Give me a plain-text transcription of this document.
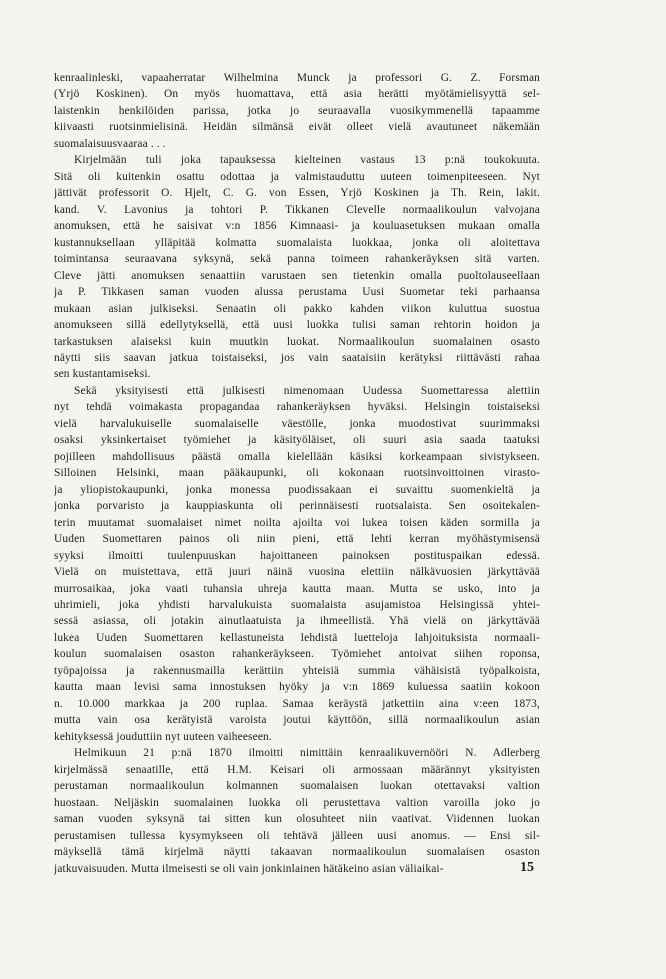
kenraalinleski, vapaaherratar Wilhelmina Munck ja professori G. Z. Forsman
(Yrjö Koskinen). On myös huomattava, että asia herätti myötämielisyyttä sel-
laistenkin henkilöiden parissa, jotka jo seuraavalla vuosikymmenellä tapaamme
kiivaasti ruotsinmielisinä. Heidän silmänsä eivät olleet vielä avautuneet näkemään
suomalaisuusvaaraa . . .
Kirjelmään tuli joka tapauksessa kielteinen vastaus 13 p:nä toukokuuta.
Sitä oli kuitenkin osattu odottaa ja valmistauduttu uuteen toimenpiteeseen. Nyt
jättivät professorit O. Hjelt, C. G. von Essen, Yrjö Koskinen ja Th. Rein, lakit.
kand. V. Lavonius ja tohtori P. Tikkanen Clevelle normaalikoulun valvojana
anomuksen, että he saisivat v:n 1856 Kimnaasi- ja kouluasetuksen mukaan omalla
kustannuksellaan ylläpitää kolmatta suomalaista luokkaa, jonka oli aloitettava
toimintansa seuraavana syksynä, sekä panna toimeen rahankeräyksen sitä varten.
Cleve jätti anomuksen senaattiin varustaen sen tietenkin omalla puoltolauseellaan
ja P. Tikkasen saman vuoden alussa perustama Uusi Suometar teki parhaansa
mukaan asian julkiseksi. Senaatin oli pakko kahden viikon kuluttua suostua
anomukseen sillä edellytyksellä, että uusi luokka tulisi saman rehtorin hoidon ja
tarkastuksen alaiseksi kuin muutkin luokat. Normaalikoulun suomalainen osasto
näytti siis saavan jatkua toistaiseksi, jos vain saataisiin kerätyksi riittävästi rahaa
sen kustantamiseksi.
Sekä yksityisesti että julkisesti nimenomaan Uudessa Suomettaressa alettiin
nyt tehdä voimakasta propagandaa rahankeräyksen hyväksi. Helsingin toistaiseksi
vielä harvalukuiselle suomalaiselle väestölle, jonka muodostivat suurimmaksi
osaksi yksinkertaiset työmiehet ja käsityöläiset, oli suuri asia saada taatuksi
pojilleen mahdollisuus päästä omalla kielellään käsiksi korkeampaan sivistykseen.
Silloinen Helsinki, maan pääkaupunki, oli kokonaan ruotsinvoittoinen virasto-
ja yliopistokaupunki, jonka monessa puodissakaan ei suvaittu suomenkieltä ja
jonka porvaristo ja kauppiaskunta oli perinnäisesti ruotsalaista. Sen osoitekalen-
terin muutamat suomalaiset nimet noilta ajoilta voi lukea toisen käden sormilla ja
Uuden Suomettaren painos oli niin pieni, että lehti kerran myöhästymisensä
syyksi ilmoitti tuulenpuuskan hajoittaneen painoksen postituspaikan edessä.
Vielä on muistettava, että juuri näinä vuosina elettiin nälkävuosien järkyttävää
murrosaikaa, joka vaati tuhansia uhreja kautta maan. Mutta se usko, into ja
uhrimieli, joka yhdisti harvalukuista suomalaista asujamistoa Helsingissä yhtei-
sessä asiassa, oli jotakin ainutlaatuista ja ihmeellistä. Yhä vielä on järkyttävää
lukea Uuden Suomettaren kellastuneista lehdistä luetteloja lahjoituksista normaali-
koulun suomalaisen osaston rahankeräykseen. Työmiehet antoivat siihen roponsa,
työpajoissa ja rakennusmailla kerättiin yhteisiä summia vähäisistä työpalkoista,
kautta maan levisi sama innostuksen hyöky ja v:n 1869 kuluessa saatiin kokoon
n. 10.000 markkaa ja 200 ruplaa. Samaa keräystä jatkettiin aina v:een 1873,
mutta vain osa kerätyistä varoista joutui käyttöön, sillä normaalikoulun asian
kehityksessä jouduttiin nyt uuteen vaiheeseen.
Helmikuun 21 p:nä 1870 ilmoitti nimittäin kenraalikuvernööri N. Adlerberg
kirjelmässä senaatille, että H.M. Keisari oli armossaan määrännyt yksityisten
perustaman normaalikoulun kolmannen suomalaisen luokan otettavaksi valtion
huostaan. Neljäskin suomalainen luokka oli perustettava valtion varoilla joko jo
saman vuoden syksynä tai sitten kun olosuhteet niin vaativat. Viidennen luokan
perustamisen tullessa kysymykseen oli tehtävä jälleen uusi anomus. — Ensi sil-
mäyksellä tämä kirjelmä näytti takaavan normaalikoulun suomalaisen osaston
jatkuvaisuuden. Mutta ilmeisesti se oli vain jonkinlainen hätäkeino asian väliaikai-	15
